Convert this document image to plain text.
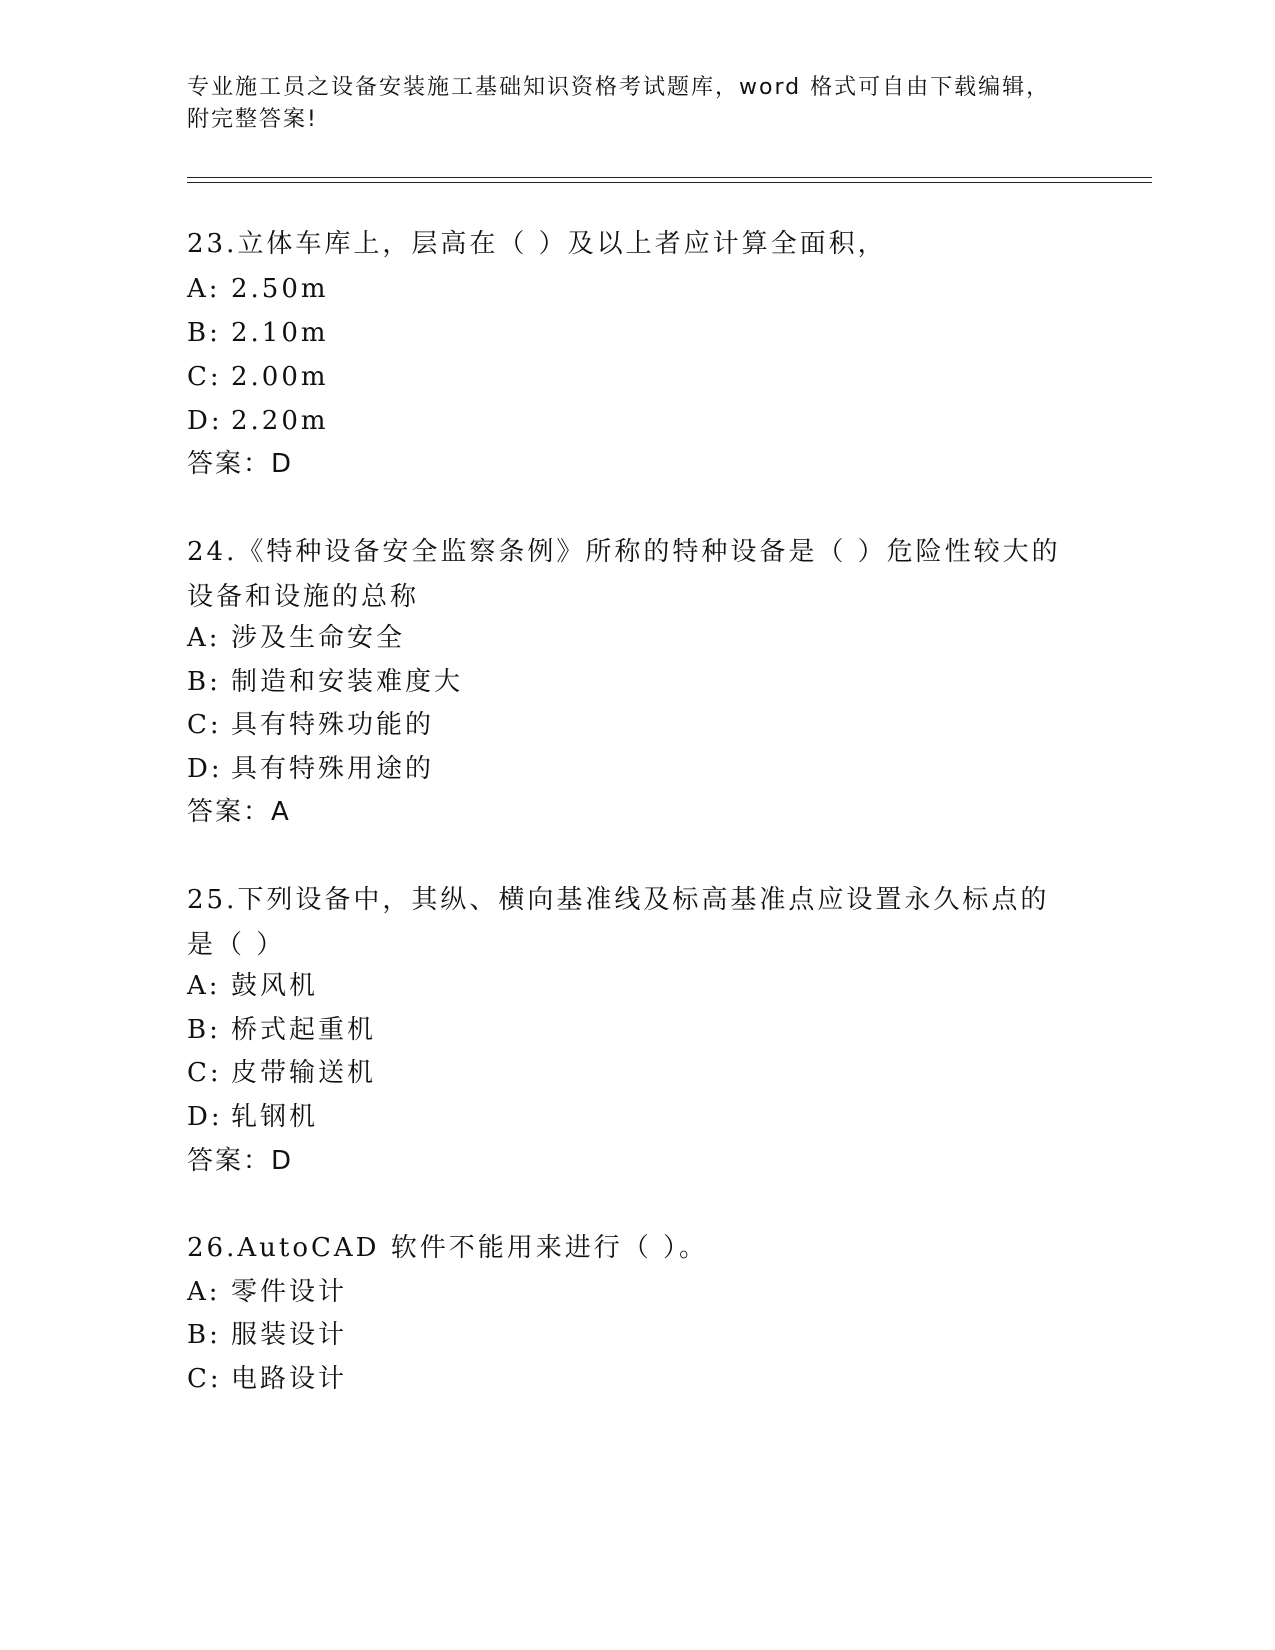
专业施工员之设备安装施工基础知识资格考试题库，word 格式可自由下载编辑，
附完整答案!
23.立体车库上，层高在（ ）及以上者应计算全面积，
A: 2.50m
B: 2.10m
C: 2.00m
D: 2.20m
答案：D
24.《特种设备安全监察条例》所称的特种设备是（ ）危险性较大的设备和设施的总称
A: 涉及生命安全
B: 制造和安装难度大
C: 具有特殊功能的
D: 具有特殊用途的
答案：A
25.下列设备中，其纵、横向基准线及标高基准点应设置永久标点的是（ ）
A: 鼓风机
B: 桥式起重机
C: 皮带输送机
D: 轧钢机
答案：D
26.AutoCAD 软件不能用来进行（ ）。
A: 零件设计
B: 服装设计
C: 电路设计
